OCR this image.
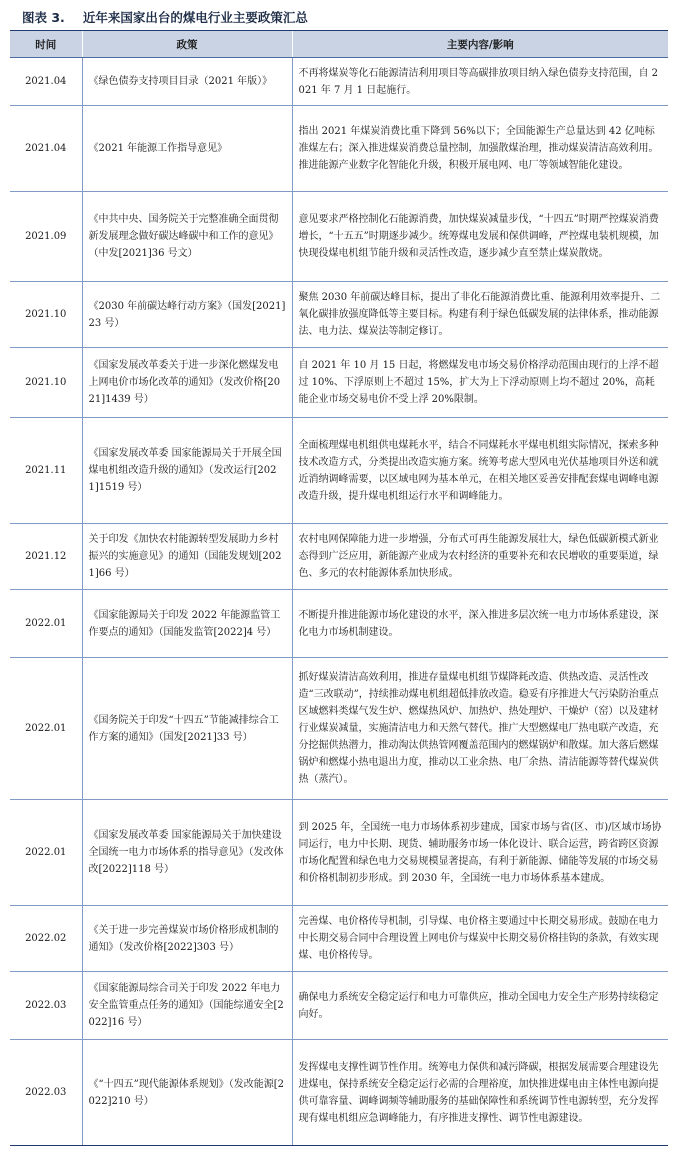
图表 3. 近年来国家出台的煤电行业主要政策汇总
时间	政策	主要内容/影响
2021.04	《绿色债券支持项目目录（2021 年版）》	不再将煤炭等化石能源清洁利用项目等高碳排放项目纳入绿色债券支持范围，自 2021 年 7 月 1 日起施行。
2021.04	《2021 年能源工作指导意见》	指出 2021 年煤炭消费比重下降到 56%以下；全国能源生产总量达到 42 亿吨标准煤左右；深入推进煤炭消费总量控制，加强散煤治理，推动煤炭清洁高效利用。推进能源产业数字化智能化升级，积极开展电网、电厂等领域智能化建设。
2021.09	《中共中央、国务院关于完整准确全面贯彻新发展理念做好碳达峰碳中和工作的意见》（中发[2021]36 号文）	意见要求严格控制化石能源消费，加快煤炭减量步伐，“十四五”时期严控煤炭消费增长，“十五五”时期逐步减少。统筹煤电发展和保供调峰，严控煤电装机规模，加快现役煤电机组节能升级和灵活性改造，逐步减少直至禁止煤炭散烧。
2021.10	《2030 年前碳达峰行动方案》（国发[2021]23 号）	聚焦 2030 年前碳达峰目标，提出了非化石能源消费比重、能源利用效率提升、二氧化碳排放强度降低等主要目标。构建有利于绿色低碳发展的法律体系，推动能源法、电力法、煤炭法等制定修订。
2021.10	《国家发展改革委关于进一步深化燃煤发电上网电价市场化改革的通知》（发改价格[2021]1439 号）	自 2021 年 10 月 15 日起，将燃煤发电市场交易价格浮动范围由现行的上浮不超过 10%、下浮原则上不超过 15%，扩大为上下浮动原则上均不超过 20%，高耗能企业市场交易电价不受上浮 20%限制。
2021.11	《国家发展改革委 国家能源局关于开展全国煤电机组改造升级的通知》（发改运行[2021]1519 号）	全面梳理煤电机组供电煤耗水平，结合不同煤耗水平煤电机组实际情况，探索多种技术改造方式，分类提出改造实施方案。统筹考虑大型风电光伏基地项目外送和就近消纳调峰需要，以区域电网为基本单元，在相关地区妥善安排配套煤电调峰电源改造升级，提升煤电机组运行水平和调峰能力。
2021.12	关于印发《加快农村能源转型发展助力乡村振兴的实施意见》的通知（国能发规划[2021]66 号）	农村电网保障能力进一步增强，分布式可再生能源发展壮大，绿色低碳新模式新业态得到广泛应用，新能源产业成为农村经济的重要补充和农民增收的重要渠道，绿色、多元的农村能源体系加快形成。
2022.01	《国家能源局关于印发 2022 年能源监管工作要点的通知》（国能发监管[2022]4 号）	不断提升推进能源市场化建设的水平，深入推进多层次统一电力市场体系建设，深化电力市场机制建设。
2022.01	《国务院关于印发“十四五”节能减排综合工作方案的通知》（国发[2021]33 号）	抓好煤炭清洁高效利用，推进存量煤电机组节煤降耗改造、供热改造、灵活性改造“三改联动”，持续推动煤电机组超低排放改造。稳妥有序推进大气污染防治重点区域燃料类煤气发生炉、燃煤热风炉、加热炉、热处理炉、干燥炉（窑）以及建材行业煤炭减量，实施清洁电力和天然气替代。推广大型燃煤电厂热电联产改造，充分挖掘供热潜力，推动淘汰供热管网覆盖范围内的燃煤锅炉和散煤。加大落后燃煤锅炉和燃煤小热电退出力度，推动以工业余热、电厂余热、清洁能源等替代煤炭供热（蒸汽）。
2022.01	《国家发展改革委 国家能源局关于加快建设全国统一电力市场体系的指导意见》（发改体改[2022]118 号）	到 2025 年，全国统一电力市场体系初步建成，国家市场与省(区、市)/区域市场协同运行，电力中长期、现货、辅助服务市场一体化设计、联合运营，跨省跨区资源市场化配置和绿色电力交易规模显著提高，有利于新能源、储能等发展的市场交易和价格机制初步形成。到 2030 年，全国统一电力市场体系基本建成。
2022.02	《关于进一步完善煤炭市场价格形成机制的通知》（发改价格[2022]303 号）	完善煤、电价格传导机制，引导煤、电价格主要通过中长期交易形成。鼓励在电力中长期交易合同中合理设置上网电价与煤炭中长期交易价格挂钩的条款，有效实现煤、电价格传导。
2022.03	《国家能源局综合司关于印发 2022 年电力安全监管重点任务的通知》（国能综通安全[2022]16 号）	确保电力系统安全稳定运行和电力可靠供应，推动全国电力安全生产形势持续稳定向好。
2022.03	《“十四五”现代能源体系规划》（发改能源[2022]210 号）	发挥煤电支撑性调节性作用。统筹电力保供和减污降碳，根据发展需要合理建设先进煤电，保持系统安全稳定运行必需的合理裕度，加快推进煤电由主体性电源向提供可靠容量、调峰调频等辅助服务的基础保障性和系统调节性电源转型，充分发挥现有煤电机组应急调峰能力，有序推进支撑性、调节性电源建设。
